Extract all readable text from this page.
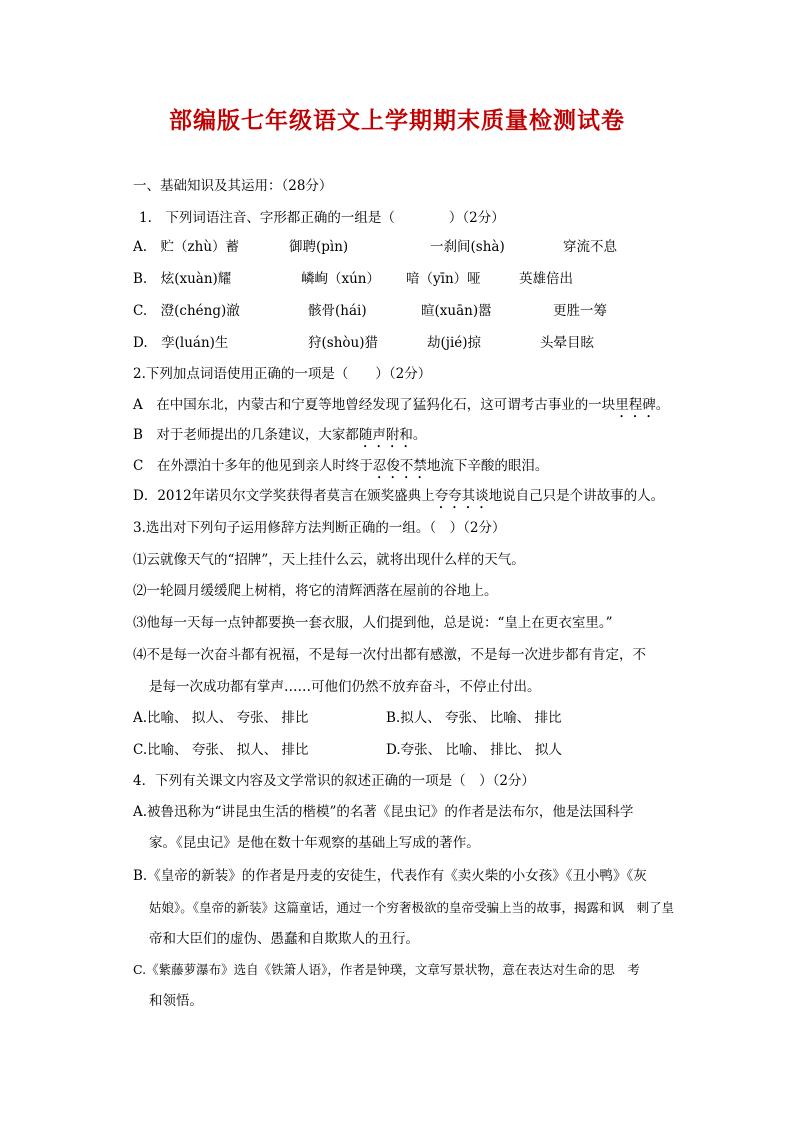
部编版七年级语文上学期期末质量检测试卷
一、基础知识及其运用：（28分）
1.　下列词语注音、字形都正确的一组是（　　　　）（2分）
A.　贮（zhù）蓄	御聘(pìn)	一刹间(shà)	穿流不息
B.　炫(xuàn)耀	嶙峋（xún） 喑（yīn）哑	英雄倍出
C.　澄(chéng)澈	骸骨(hái)	暄(xuān)嚣	更胜一筹
D.　孪(luán)生	狩(shòu)猎	劫(jié)掠	头晕目眩
2.下列加点词语使用正确的一项是（　　）（2分）
A　在中国东北，内蒙古和宁夏等地曾经发现了猛犸化石，这可谓考古事业的一块里程碑。
B　对于老师提出的几条建议，大家都随声附和。
C　在外漂泊十多年的他见到亲人时终于忍俊不禁地流下辛酸的眼泪。
D．2012年诺贝尔文学奖获得者莫言在颁奖盛典上夸夸其谈地说自己只是个讲故事的人。
3.选出对下列句子运用修辞方法判断正确的一组。（　）（2分）
⑴云就像天气的“招牌”，天上挂什么云，就将出现什么样的天气。
⑵一轮圆月缓缓爬上树梢，将它的清辉洒落在屋前的谷地上。
⑶他每一天每一点钟都要换一套衣服，人们提到他，总是说：“皇上在更衣室里。”
⑷不是每一次奋斗都有祝福，不是每一次付出都有感激，不是每一次进步都有肯定，不
是每一次成功都有掌声……可他们仍然不放弃奋斗，不停止付出。
A.比喻、 拟人、 夸张、 排比	B.拟人、 夸张、 比喻、 排比
C.比喻、 夸张、 拟人、 排比	D.夸张、 比喻、 排比、 拟人
4．下列有关课文内容及文学常识的叙述正确的一项是（　）（2分）
A.被鲁迅称为“讲昆虫生活的楷模”的名著《昆虫记》的作者是法布尔，他是法国科学
家。《昆虫记》是他在数十年观察的基础上写成的著作。
B.《皇帝的新装》的作者是丹麦的安徒生，代表作有《卖火柴的小女孩》《丑小鸭》《灰
姑娘》。《皇帝的新装》这篇童话，通过一个穷奢极欲的皇帝受骗上当的故事，揭露和讽　刺了皇
帝和大臣们的虚伪、愚蠢和自欺欺人的丑行。
C.《紫藤萝瀑布》选自《铁箫人语》，作者是钟璞，文章写景状物，意在表达对生命的思　考
和领悟。
